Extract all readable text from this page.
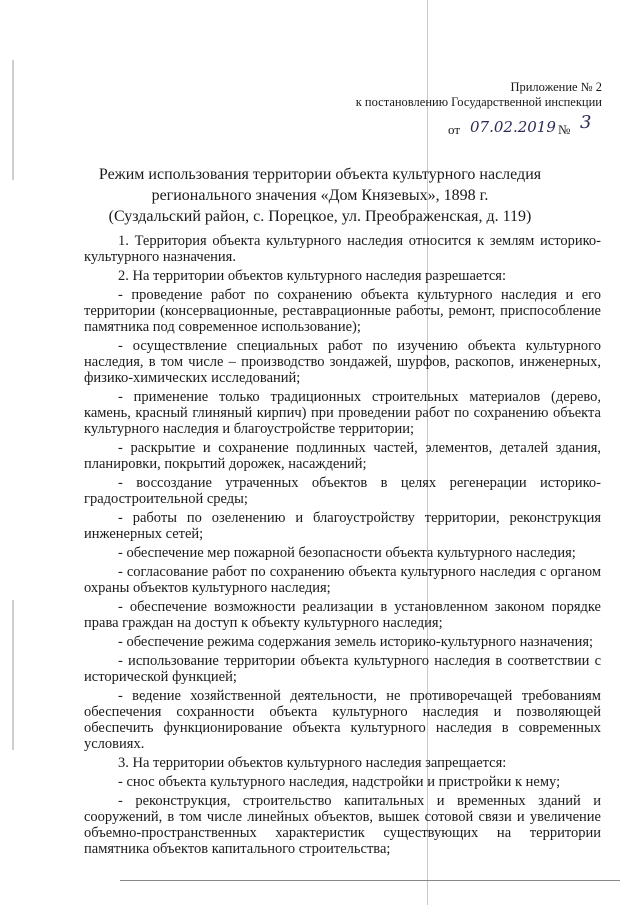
Приложение № 2
к постановлению Государственной инспекции
от 07.02.2019 № 3
Режим использования территории объекта культурного наследия
регионального значения «Дом Князевых», 1898 г.
(Суздальский район, с. Порецкое, ул. Преображенская, д. 119)

1. Территория объекта культурного наследия относится к землям историко-культурного назначения.

2. На территории объектов культурного наследия разрешается:

- проведение работ по сохранению объекта культурного наследия и его территории (консервационные, реставрационные работы, ремонт, приспособление памятника под современное использование);

- осуществление специальных работ по изучению объекта культурного наследия, в том числе – производство зондажей, шурфов, раскопов, инженерных, физико-химических исследований;

- применение только традиционных строительных материалов (дерево, камень, красный глиняный кирпич) при проведении работ по сохранению объекта культурного наследия и благоустройстве территории;

- раскрытие и сохранение подлинных частей, элементов, деталей здания, планировки, покрытий дорожек, насаждений;

- воссоздание утраченных объектов в целях регенерации историко-градостроительной среды;

- работы по озеленению и благоустройству территории, реконструкция инженерных сетей;

- обеспечение мер пожарной безопасности объекта культурного наследия;

- согласование работ по сохранению объекта культурного наследия с органом охраны объектов культурного наследия;

- обеспечение возможности реализации в установленном законом порядке права граждан на доступ к объекту культурного наследия;

- обеспечение режима содержания земель историко-культурного назначения;

- использование территории объекта культурного наследия в соответствии с исторической функцией;

- ведение хозяйственной деятельности, не противоречащей требованиям обеспечения сохранности объекта культурного наследия и позволяющей обеспечить функционирование объекта культурного наследия в современных условиях.

3. На территории объектов культурного наследия запрещается:

- снос объекта культурного наследия, надстройки и пристройки к нему;

- реконструкция, строительство капитальных и временных зданий и сооружений, в том числе линейных объектов, вышек сотовой связи и увеличение объемно-пространственных характеристик существующих на территории памятника объектов капитального строительства;
